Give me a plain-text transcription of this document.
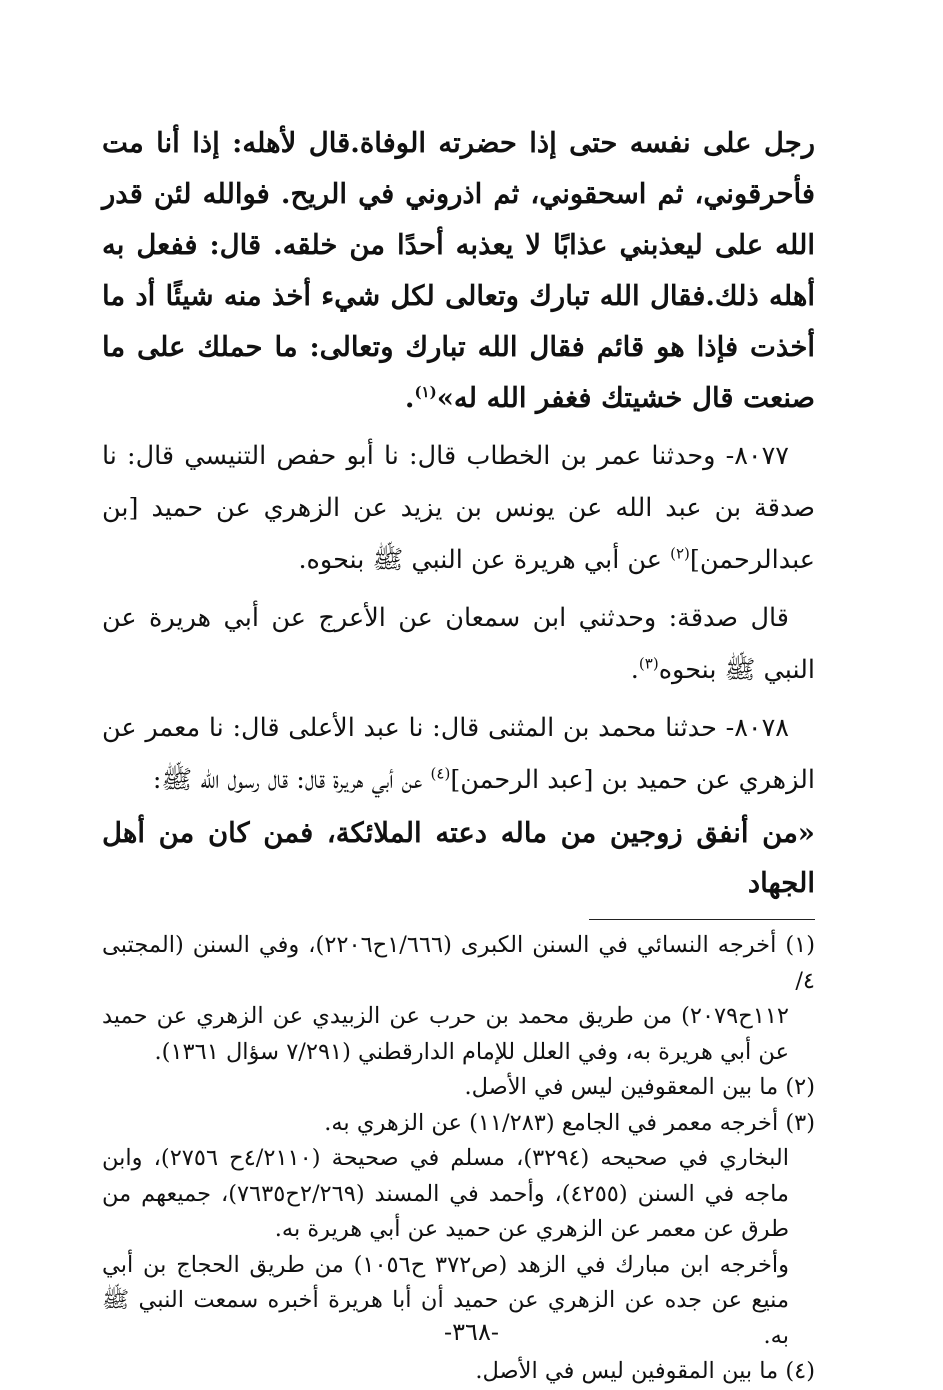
رجل على نفسه حتى إذا حضرته الوفاة.قال لأهله: إذا أنا مت فأحرقوني، ثم اسحقوني، ثم اذروني في الريح. فوالله لئن قدر الله على ليعذبني عذابًا لا يعذبه أحدًا من خلقه. قال: ففعل به أهله ذلك.فقال الله تبارك وتعالى لكل شيء أخذ منه شيئًا أد ما أخذت فإذا هو قائم فقال الله تبارك وتعالى: ما حملك على ما صنعت قال خشيتك فغفر الله له»$^{(١)}$.

٨٠٧٧- وحدثنا عمر بن الخطاب قال: نا أبو حفص التنيسي قال: نا صدقة بن عبد الله عن يونس بن يزيد عن الزهري عن حميد [بن عبدالرحمن]$^{(٢)}$ عن أبي هريرة عن النبي ﷺ بنحوه.

قال صدقة: وحدثني ابن سمعان عن الأعرج عن أبي هريرة عن النبي ﷺ بنحوه$^{(٣)}$.

٨٠٧٨- حدثنا محمد بن المثنى قال: نا عبد الأعلى قال: نا معمر عن الزهري عن حميد بن [عبد الرحمن]$^{(٤)}$ عن أبي هريرة قال: قال رسول الله ﷺ:

«من أنفق زوجين من ماله دعته الملائكة، فمن كان من أهل الجهاد

(١) أخرجه النسائي في السنن الكبرى (١/٦٦٦ح٢٢٠٦)، وفي السنن (المجتبى ٤/

١١٢ح٢٠٧٩) من طريق محمد بن حرب عن الزبيدي عن الزهري عن حميد عن أبي هريرة به، وفي العلل للإمام الدارقطني (٧/٢٩١ سؤال ١٣٦١).

(٢) ما بين المعقوفين ليس في الأصل.

(٣) أخرجه معمر في الجامع (١١/٢٨٣) عن الزهري به.

البخاري في صحيحه (٣٢٩٤)، مسلم في صحيحة (٤/٢١١٠ح ٢٧٥٦)، وابن ماجه في السنن (٤٢٥٥)، وأحمد في المسند (٢/٢٦٩ح٧٦٣٥)، جميعهم من طرق عن معمر عن الزهري عن حميد عن أبي هريرة به.

وأخرجه ابن مبارك في الزهد (ص٣٧٢ ح١٠٥٦) من طريق الحجاج بن أبي منيع عن جده عن الزهري عن حميد أن أبا هريرة أخبره سمعت النبي ﷺ به.

(٤) ما بين المقوفين ليس في الأصل.

-٣٦٨-
